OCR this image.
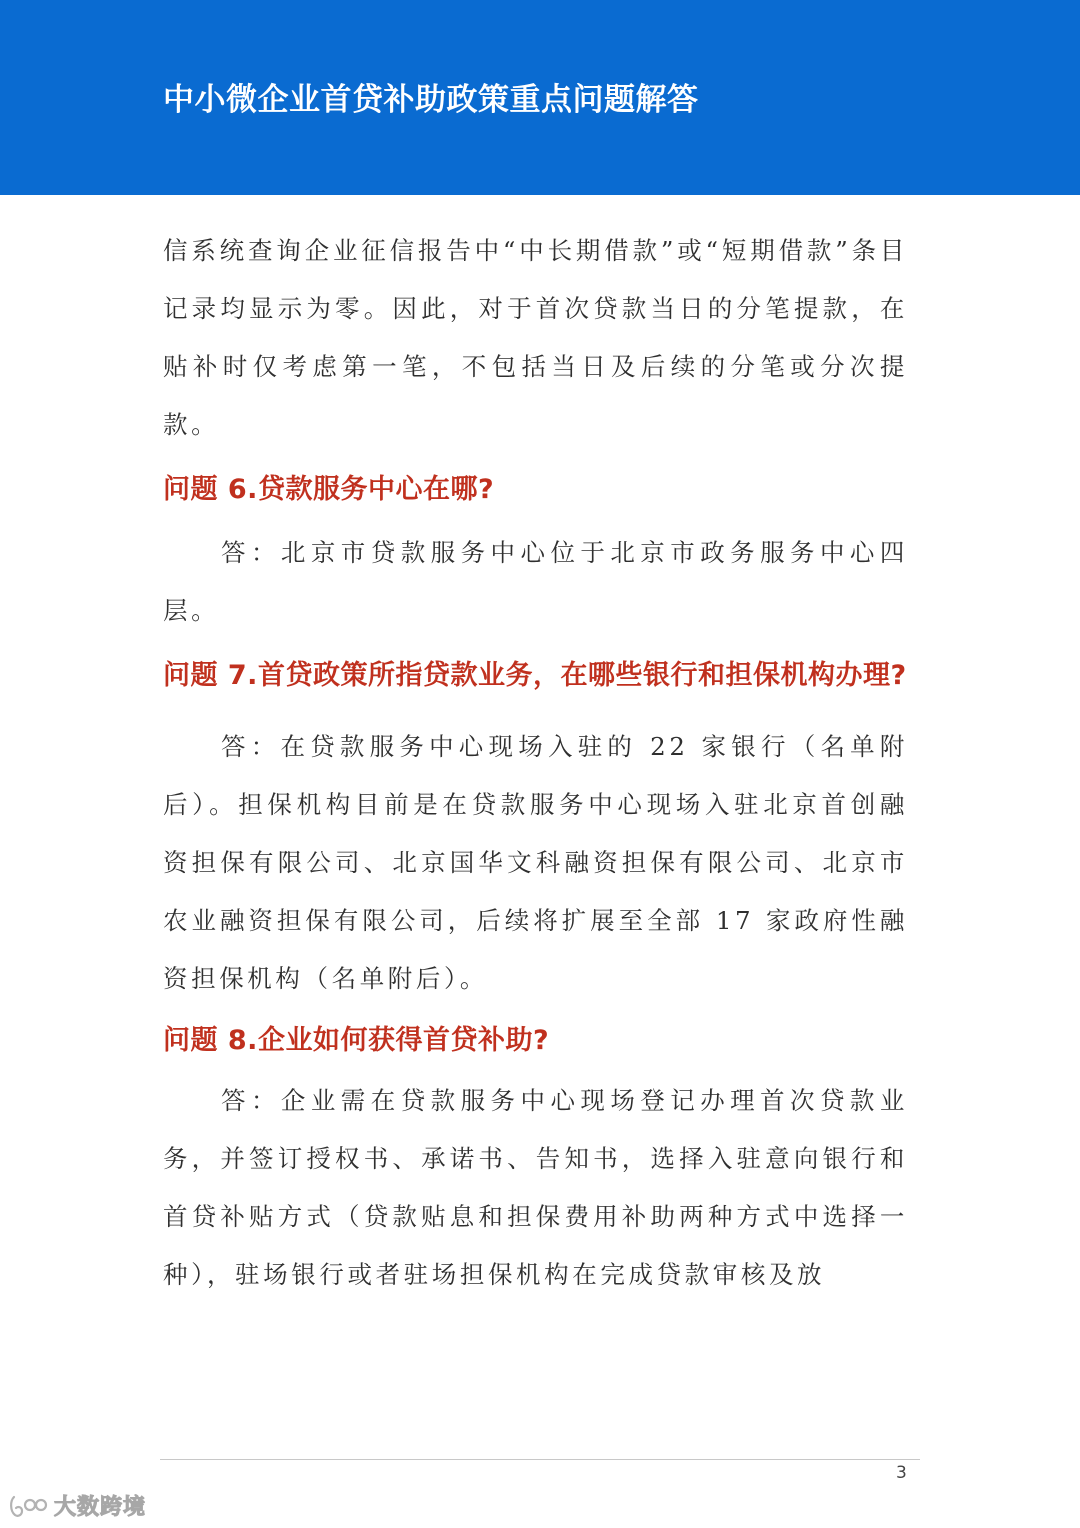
中小微企业首贷补助政策重点问题解答

信系统查询企业征信报告中“中长期借款”或“短期借款”条目记录均显示为零。因此，对于首次贷款当日的分笔提款，在贴补时仅考虑第一笔，不包括当日及后续的分笔或分次提款。

问题 6.贷款服务中心在哪?

答：北京市贷款服务中心位于北京市政务服务中心四层。

问题 7.首贷政策所指贷款业务，在哪些银行和担保机构办理?

答：在贷款服务中心现场入驻的 22 家银行（名单附后）。担保机构目前是在贷款服务中心现场入驻北京首创融资担保有限公司、北京国华文科融资担保有限公司、北京市农业融资担保有限公司，后续将扩展至全部 17 家政府性融资担保机构（名单附后）。

问题 8.企业如何获得首贷补助?

答：企业需在贷款服务中心现场登记办理首次贷款业务，并签订授权书、承诺书、告知书，选择入驻意向银行和首贷补贴方式（贷款贴息和担保费用补助两种方式中选择一种），驻场银行或者驻场担保机构在完成贷款审核及放

3
大数跨境
